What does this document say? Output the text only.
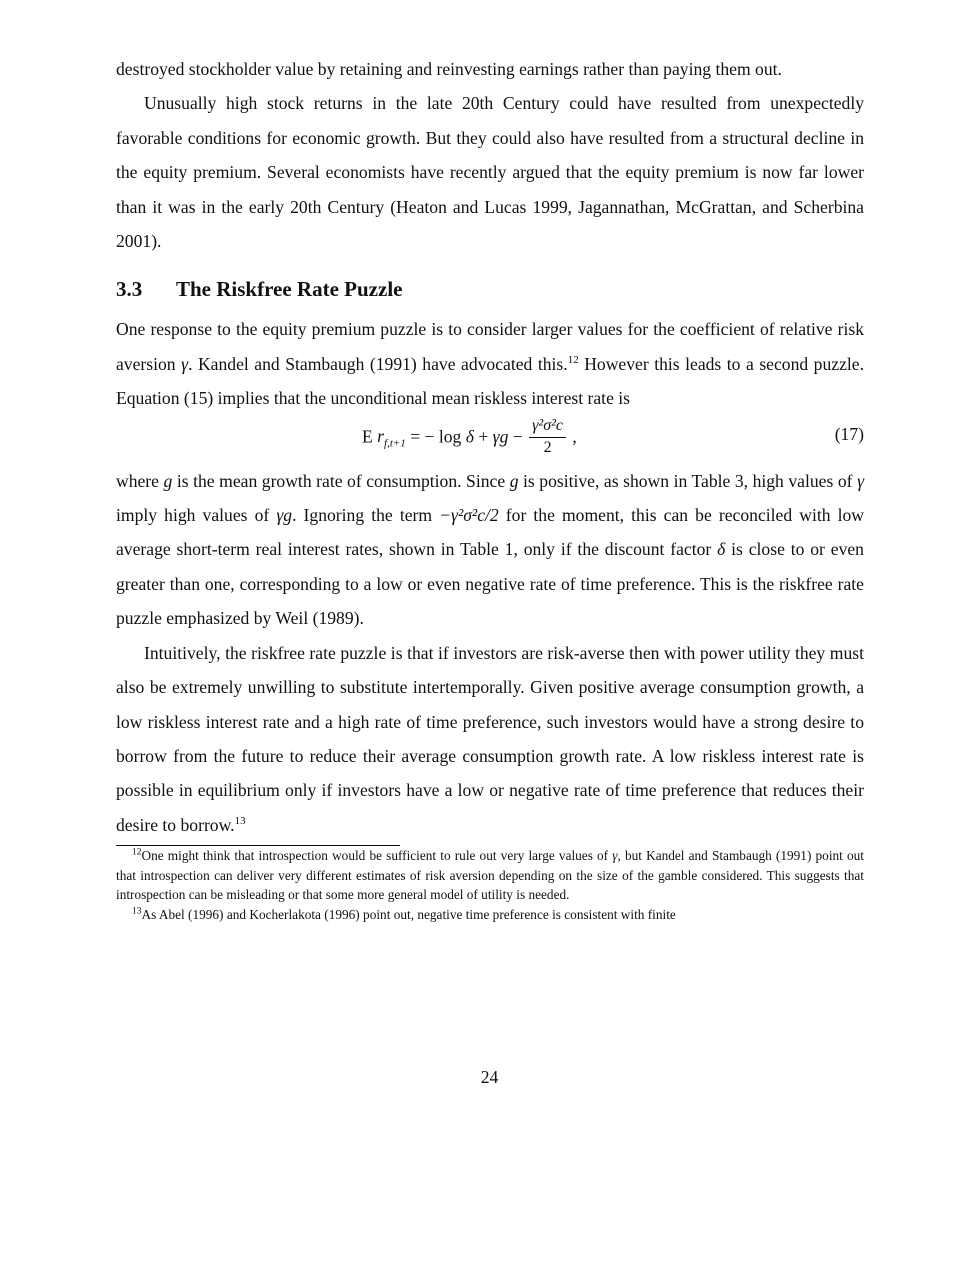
destroyed stockholder value by retaining and reinvesting earnings rather than paying them out.

Unusually high stock returns in the late 20th Century could have resulted from unexpectedly favorable conditions for economic growth. But they could also have resulted from a structural decline in the equity premium. Several economists have recently argued that the equity premium is now far lower than it was in the early 20th Century (Heaton and Lucas 1999, Jagannathan, McGrattan, and Scherbina 2001).

3.3 The Riskfree Rate Puzzle

One response to the equity premium puzzle is to consider larger values for the coefficient of relative risk aversion γ. Kandel and Stambaugh (1991) have advocated this.$^{12}$ However this leads to a second puzzle. Equation (15) implies that the unconditional mean riskless interest rate is

E $r_{f,t+1}$ = − $\log \delta + \gamma g - \frac{\text{γ²σ²c}}{2}$ ,	(17)

where g is the mean growth rate of consumption. Since g is positive, as shown in Table 3, high values of γ imply high values of γg. Ignoring the term −γ²σ²c/2 for the moment, this can be reconciled with low average short-term real interest rates, shown in Table 1, only if the discount factor δ is close to or even greater than one, corresponding to a low or even negative rate of time preference. This is the riskfree rate puzzle emphasized by Weil (1989).

Intuitively, the riskfree rate puzzle is that if investors are risk-averse then with power utility they must also be extremely unwilling to substitute intertemporally. Given positive average consumption growth, a low riskless interest rate and a high rate of time preference, such investors would have a strong desire to borrow from the future to reduce their average consumption growth rate. A low riskless interest rate is possible in equilibrium only if investors have a low or negative rate of time preference that reduces their desire to borrow.$^{13}$

$^{12}$One might think that introspection would be sufficient to rule out very large values of γ, but Kandel and Stambaugh (1991) point out that introspection can deliver very different estimates of risk aversion depending on the size of the gamble considered. This suggests that introspection can be misleading or that some more general model of utility is needed.

$^{13}$As Abel (1996) and Kocherlakota (1996) point out, negative time preference is consistent with finite

24
